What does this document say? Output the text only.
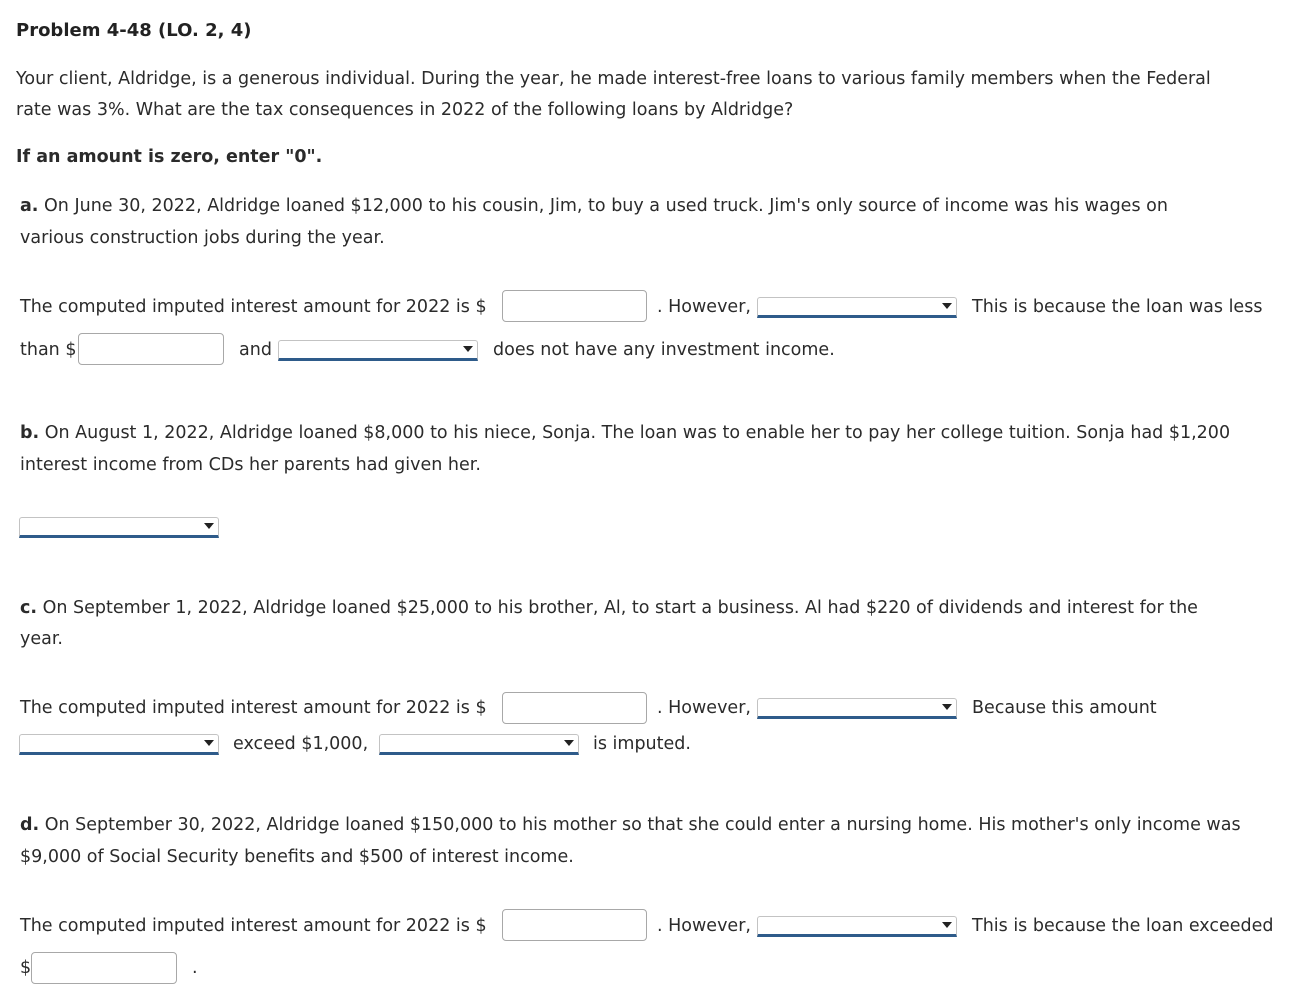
Problem 4-48 (LO. 2, 4)
Your client, Aldridge, is a generous individual. During the year, he made interest-free loans to various family members when the Federal
rate was 3%. What are the tax consequences in 2022 of the following loans by Aldridge?
If an amount is zero, enter "0".
a. On June 30, 2022, Aldridge loaned $12,000 to his cousin, Jim, to buy a used truck. Jim's only source of income was his wages on
various construction jobs during the year.
The computed imputed interest amount for 2022 is $	. However,	This is because the loan was less
than $	and	does not have any investment income.
b. On August 1, 2022, Aldridge loaned $8,000 to his niece, Sonja. The loan was to enable her to pay her college tuition. Sonja had $1,200
interest income from CDs her parents had given her.
c. On September 1, 2022, Aldridge loaned $25,000 to his brother, Al, to start a business. Al had $220 of dividends and interest for the
year.
The computed imputed interest amount for 2022 is $	. However,	Because this amount
exceed $1,000,	is imputed.
d. On September 30, 2022, Aldridge loaned $150,000 to his mother so that she could enter a nursing home. His mother's only income was
$9,000 of Social Security benefits and $500 of interest income.
The computed imputed interest amount for 2022 is $	. However,	This is because the loan exceeded
$	.
